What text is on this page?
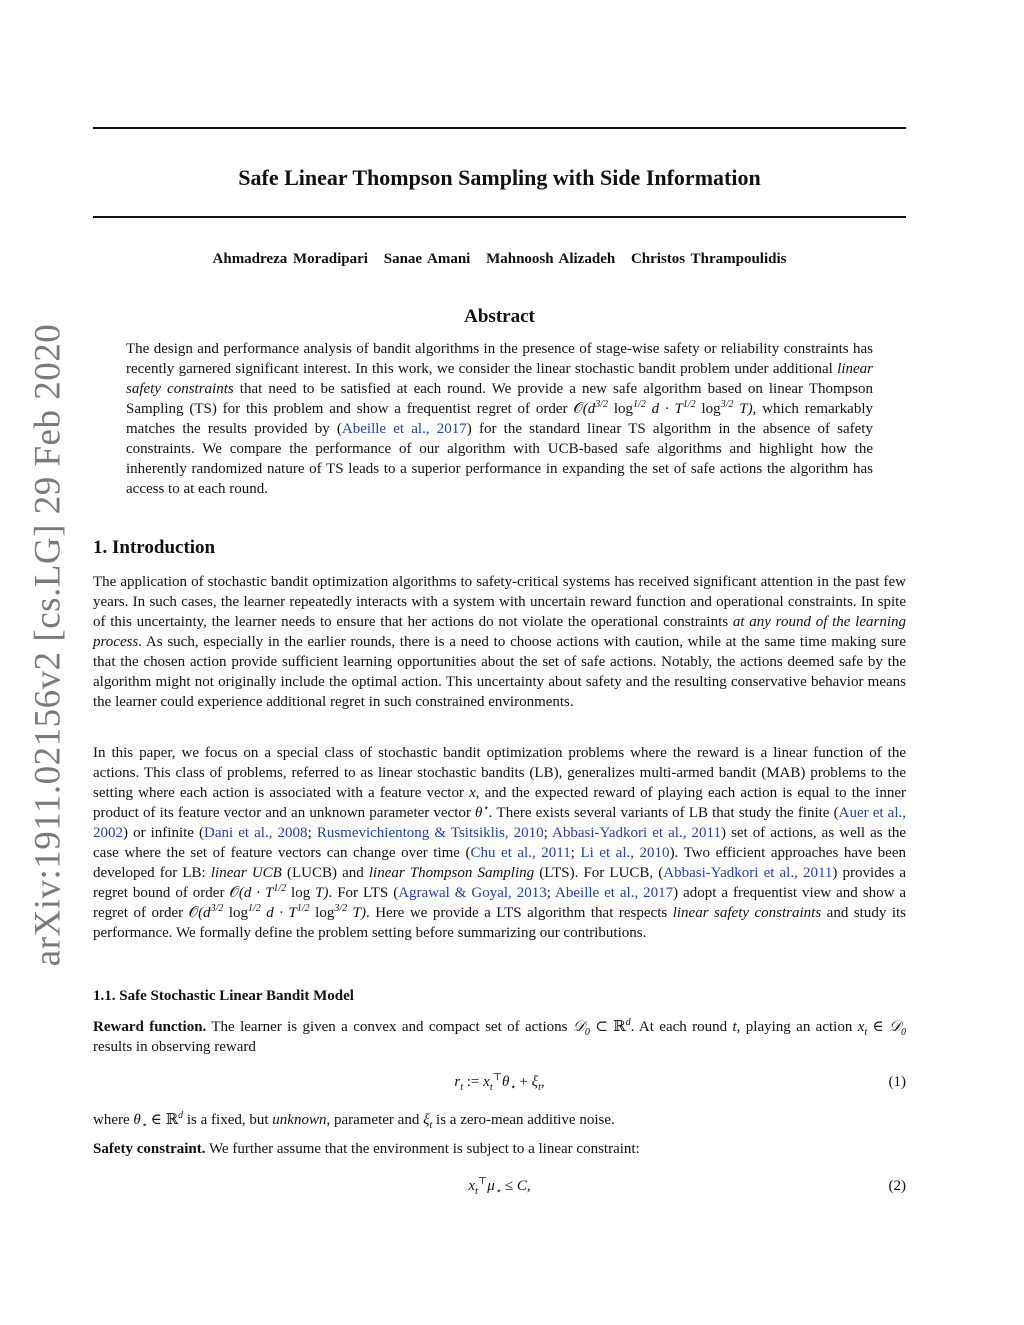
arXiv:1911.02156v2 [cs.LG] 29 Feb 2020
Safe Linear Thompson Sampling with Side Information
Ahmadreza Moradipari Sanae Amani Mahnoosh Alizadeh Christos Thrampoulidis
Abstract

The design and performance analysis of bandit algorithms in the presence of stage-wise safety or reliability constraints has recently garnered significant interest. In this work, we consider the linear stochastic bandit problem under additional linear safety constraints that need to be satisfied at each round. We provide a new safe algorithm based on linear Thompson Sampling (TS) for this problem and show a frequentist regret of order $𝒪(d^{3/2}$ $\log^{1/2} d \cdot T^{1/2}$ $\log^{3/2} T$), which remarkably matches the results provided by (Abeille et al., 2017) for the standard linear TS algorithm in the absence of safety constraints. We compare the performance of our algorithm with UCB-based safe algorithms and highlight how the inherently randomized nature of TS leads to a superior performance in expanding the set of safe actions the algorithm has access to at each round.

1. Introduction

The application of stochastic bandit optimization algorithms to safety-critical systems has received significant attention in the past few years. In such cases, the learner repeatedly interacts with a system with uncertain reward function and operational constraints. In spite of this uncertainty, the learner needs to ensure that her actions do not violate the operational constraints at any round of the learning process. As such, especially in the earlier rounds, there is a need to choose actions with caution, while at the same time making sure that the chosen action provide sufficient learning opportunities about the set of safe actions. Notably, the actions deemed safe by the algorithm might not originally include the optimal action. This uncertainty about safety and the resulting conservative behavior means the learner could experience additional regret in such constrained environments.

In this paper, we focus on a special class of stochastic bandit optimization problems where the reward is a linear function of the actions. This class of problems, referred to as linear stochastic bandits (LB), generalizes multi-armed bandit (MAB) problems to the setting where each action is associated with a feature vector x, and the expected reward of playing each action is equal to the inner product of its feature vector and an unknown parameter vector θ⋆. There exists several variants of LB that study the finite (Auer et al., 2002) or infinite (Dani et al., 2008; Rusmevichientong & Tsitsiklis, 2010; Abbasi-Yadkori et al., 2011) set of actions, as well as the case where the set of feature vectors can change over time (Chu et al., 2011; Li et al., 2010). Two efficient approaches have been developed for LB: linear UCB (LUCB) and linear Thompson Sampling (LTS). For LUCB, (Abbasi-Yadkori et al., 2011) provides a regret bound of order 𝒪(d · $T^{1/2}$ log T). For LTS (Agrawal & Goyal, 2013; Abeille et al., 2017) adopt a frequentist view and show a regret of order $𝒪(d^{3/2}$ $\log^{1/2} d \cdot T^{1/2}$ $\log^{3/2} T$). Here we provide a LTS algorithm that respects linear safety constraints and study its performance. We formally define the problem setting before summarizing our contributions.

1.1. Safe Stochastic Linear Bandit Model

Reward function. The learner is given a convex and compact set of actions 𝒟$_0$ ⊂ ℝ$^d$. At each round t, playing an action $x_t$ ∈ 𝒟$_0$ results in observing reward

$r_t$ := $x_t^⊤\theta_⋆ + \xi_t$,	(1)

where $\theta_⋆$ ∈ ℝ$^d$ is a fixed, but unknown, parameter and $\xi_t$ is a zero-mean additive noise.

Safety constraint. We further assume that the environment is subject to a linear constraint:

$x_t^⊤\mu_⋆ \le C$,	(2)
